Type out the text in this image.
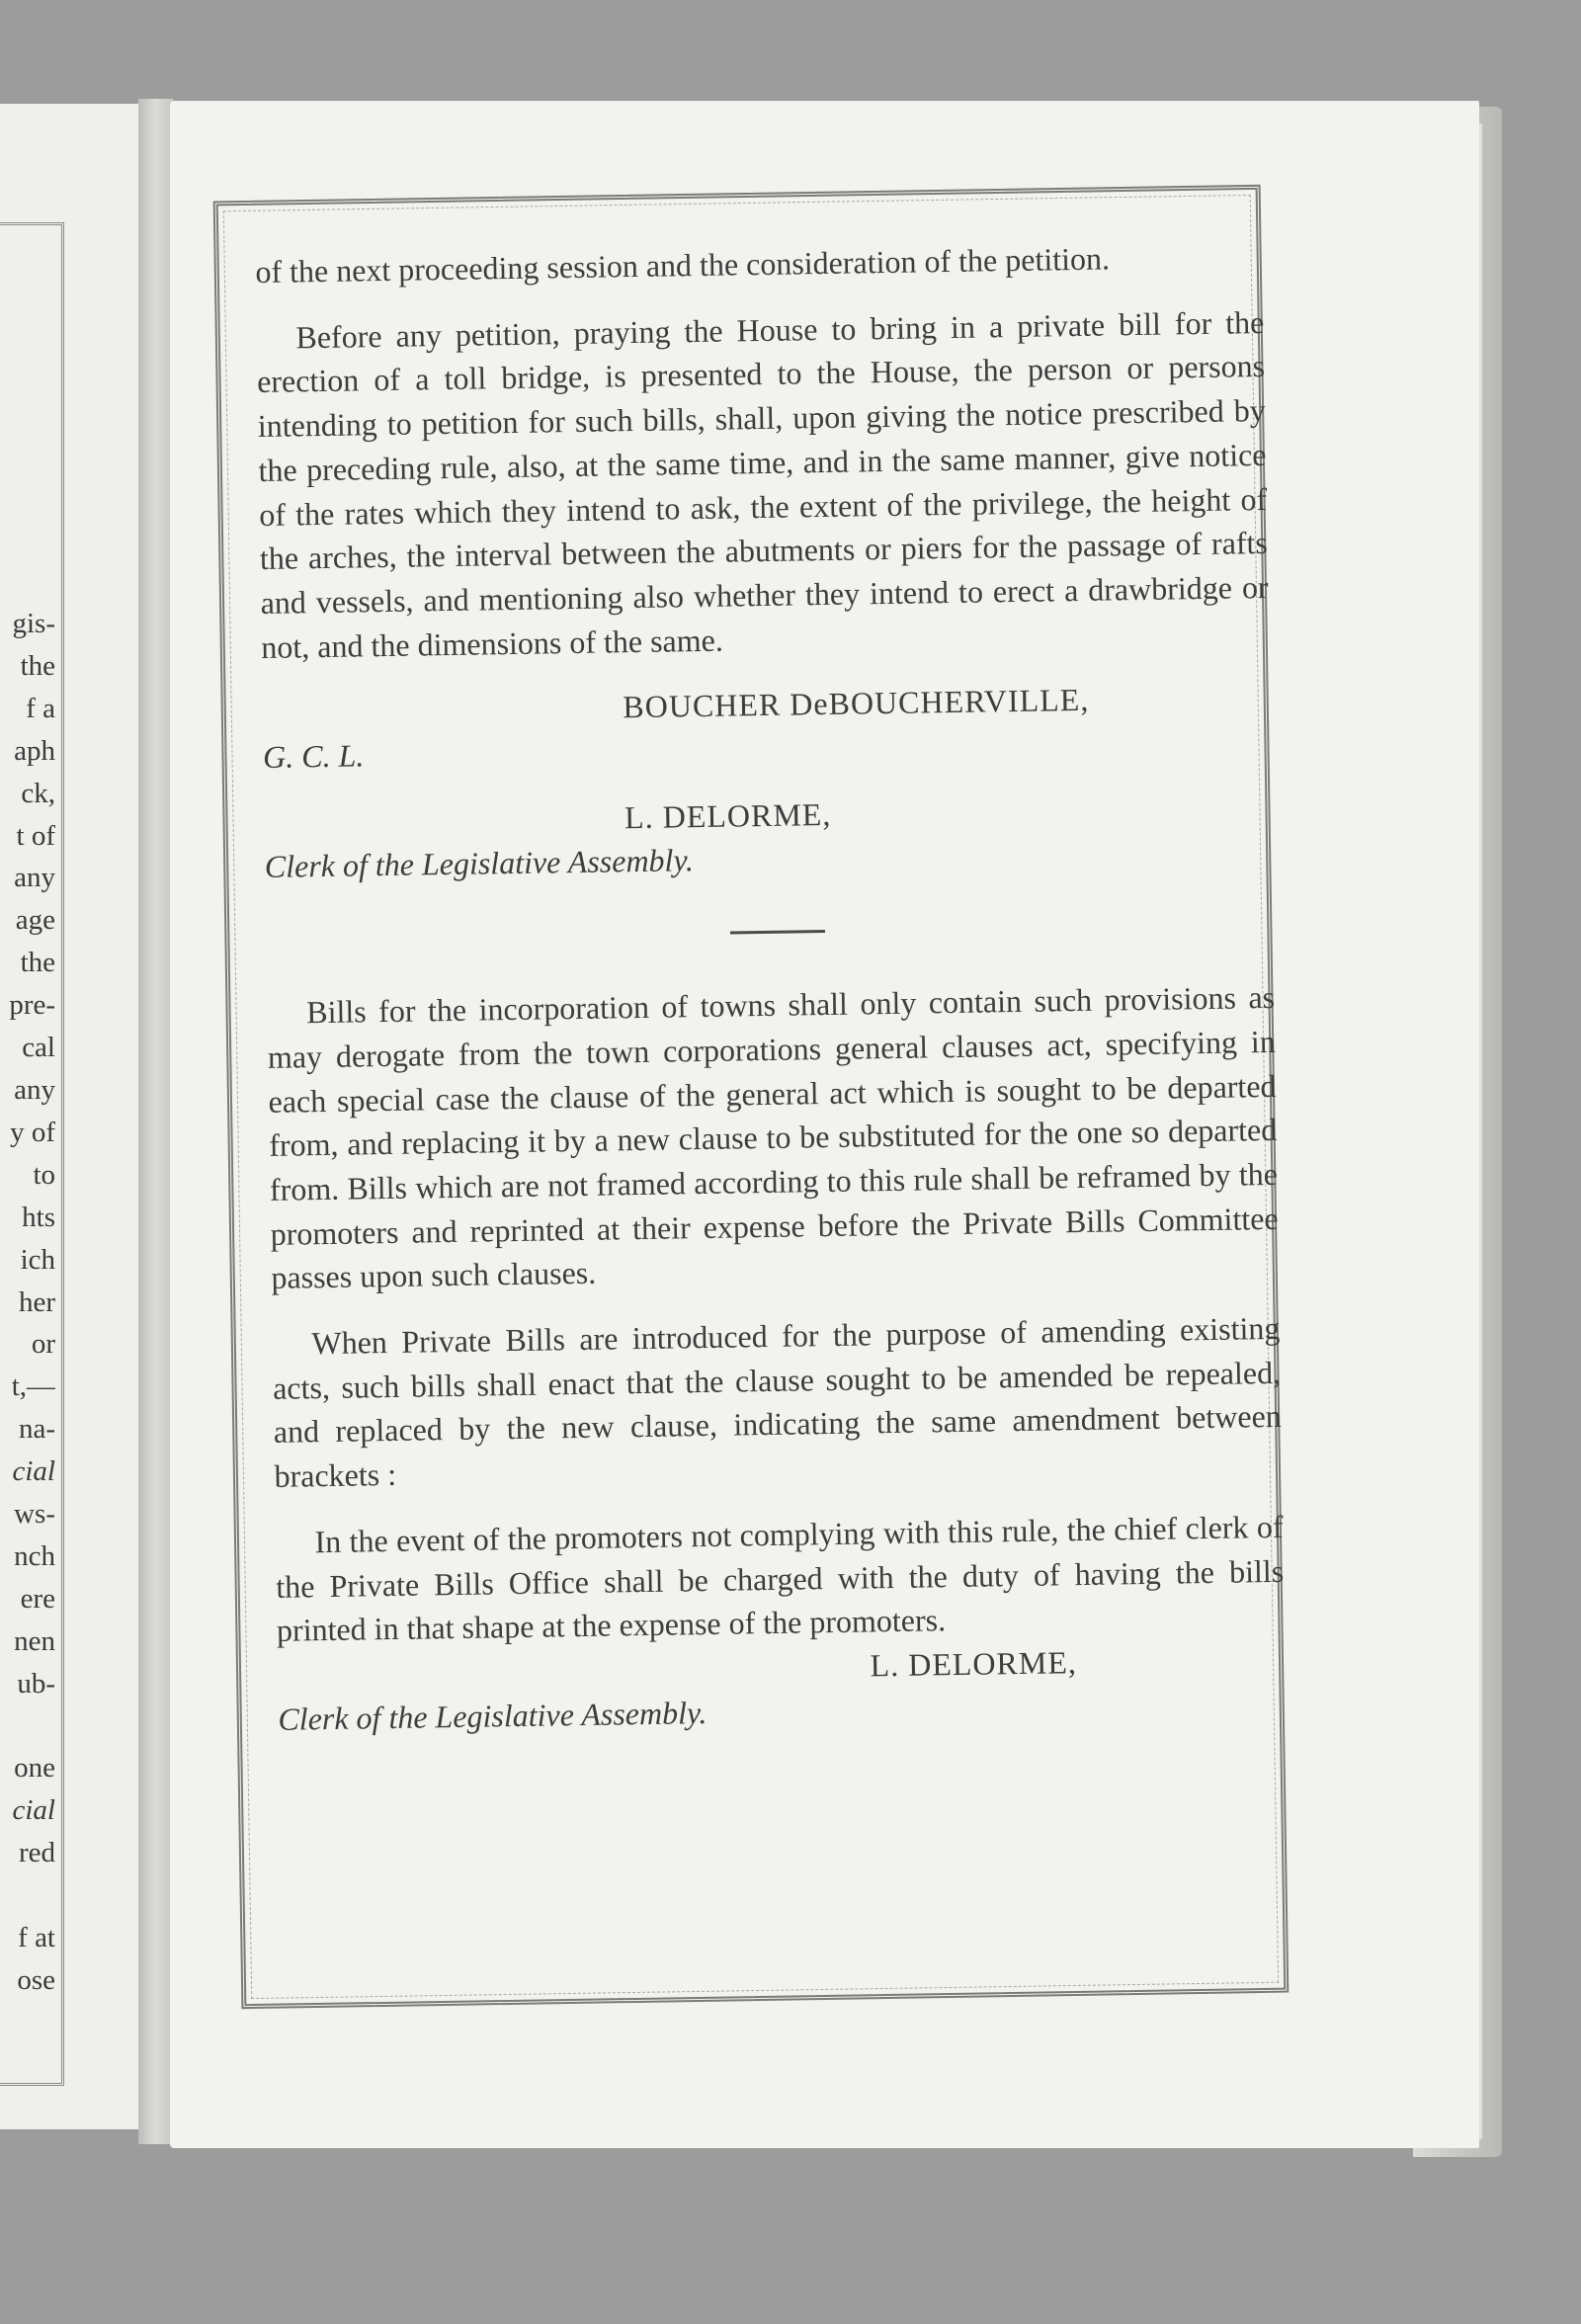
gis-
the
f a
aph
ck,
t of
any
age
the
pre-
cal
any
y of
to
hts
ich
her
or
t,—
na-
cial
ws-
nch
ere
nen
ub-
one
cial
red
f at
ose

of the next proceeding session and the consideration of the petition.

Before any petition, praying the House to bring in a private bill for the erection of a toll bridge, is presented to the House, the person or persons intending to petition for such bills, shall, upon giving the notice prescribed by the preceding rule, also, at the same time, and in the same manner, give notice of the rates which they intend to ask, the extent of the privilege, the height of the arches, the interval between the abutments or piers for the passage of rafts and vessels, and mentioning also whether they intend to erect a drawbridge or not, and the dimensions of the same.

BOUCHER DeBOUCHERVILLE,

G. C. L.

L. DELORME,

Clerk of the Legislative Assembly.

Bills for the incorporation of towns shall only contain such provisions as may derogate from the town corporations general clauses act, specifying in each special case the clause of the general act which is sought to be departed from, and replacing it by a new clause to be substituted for the one so departed from. Bills which are not framed according to this rule shall be reframed by the promoters and reprinted at their expense before the Private Bills Committee passes upon such clauses.

When Private Bills are introduced for the purpose of amending existing acts, such bills shall enact that the clause sought to be amended be repealed, and replaced by the new clause, indicating the same amendment between brackets :

In the event of the promoters not complying with this rule, the chief clerk of the Private Bills Office shall be charged with the duty of having the bills printed in that shape at the expense of the promoters.

L. DELORME,

Clerk of the Legislative Assembly.
